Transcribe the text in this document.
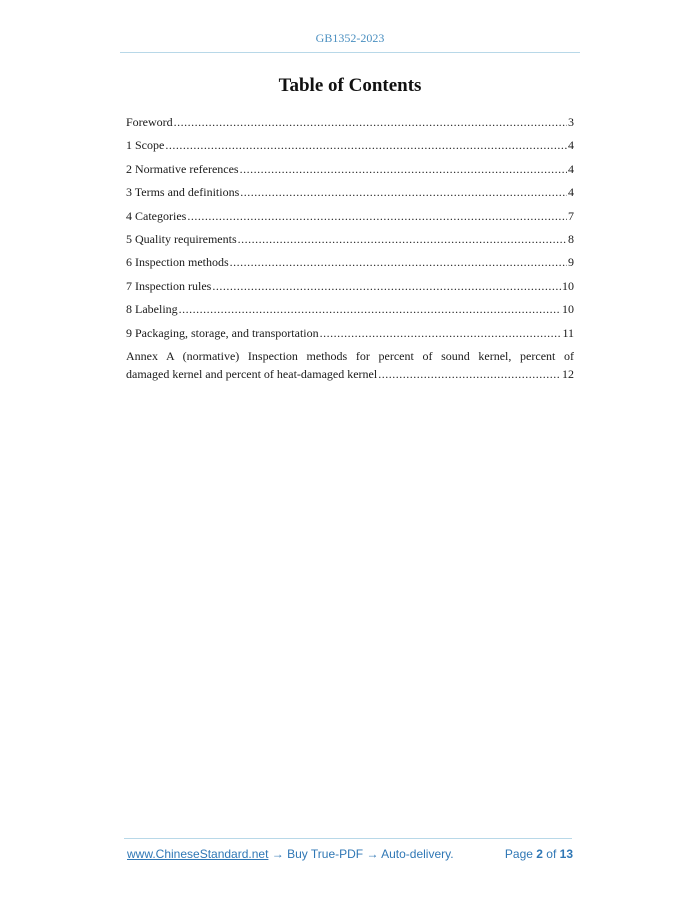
GB1352-2023
Table of Contents
Foreword .....	3
1 Scope .....	4
2 Normative references .....	4
3 Terms and definitions .....	4
4 Categories .....	7
5 Quality requirements .....	8
6 Inspection methods .....	9
7 Inspection rules .....	10
8 Labeling .....	10
9 Packaging, storage, and transportation .....	11
Annex A (normative) Inspection methods for percent of sound kernel, percent of
damaged kernel and percent of heat-damaged kernel .....	12
www.ChineseStandard.net → Buy True-PDF → Auto-delivery.	Page 2 of 13
